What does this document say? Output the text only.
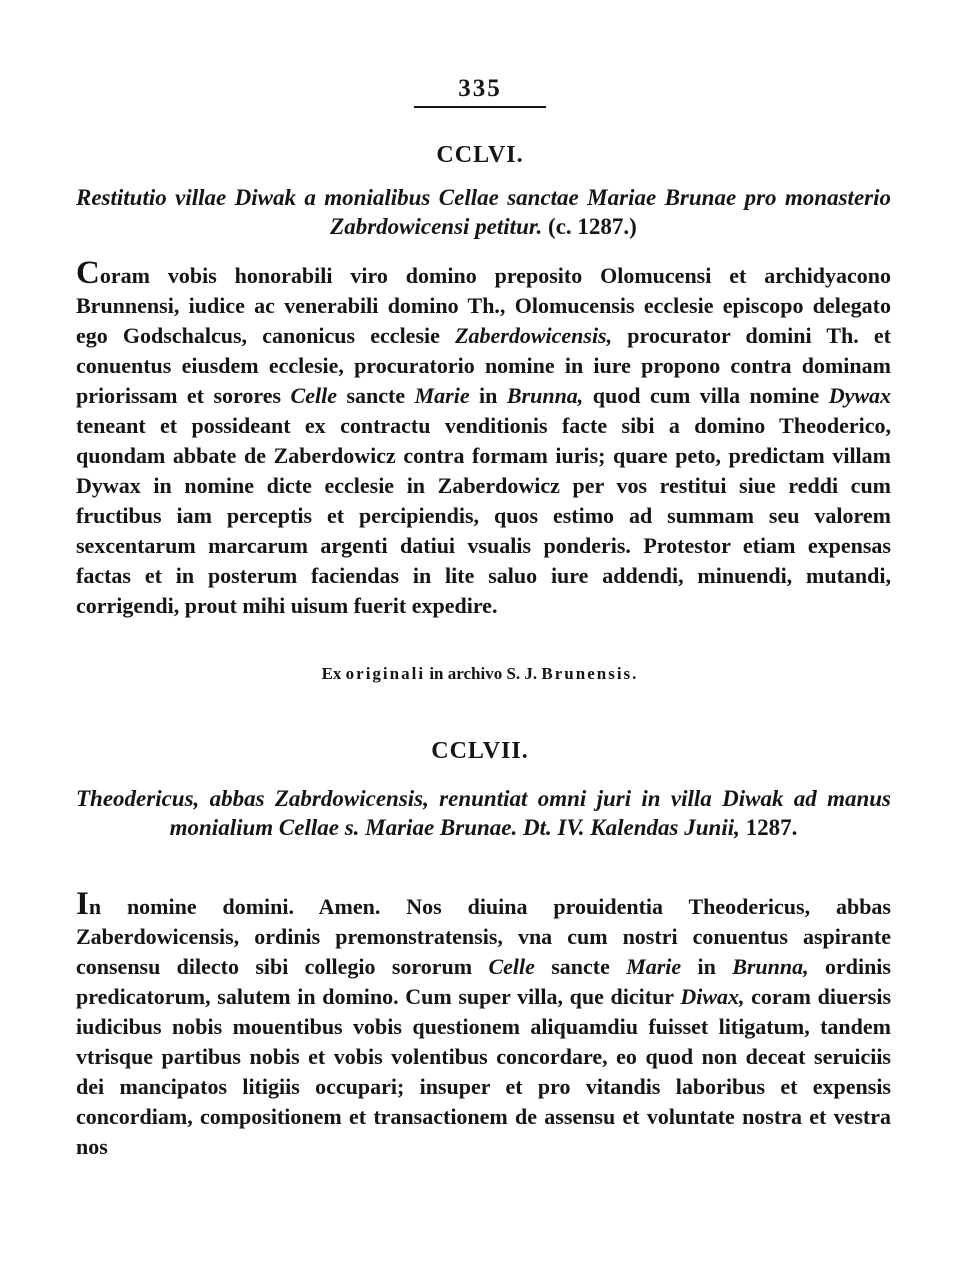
335
CCLVI.
Restitutio villae Diwak a monialibus Cellae sanctae Mariae Brunae pro monasterio Zabrdowicensi petitur. (c. 1287.)
Coram vobis honorabili viro domino preposito Olomucensi et archidyacono Brunnensi, iudice ac venerabili domino Th., Olomucensis ecclesie episcopo delegato ego Godschalcus, canonicus ecclesie Zaberdowicensis, procurator domini Th. et conuentus eiusdem ecclesie, procuratorio nomine in iure propono contra dominam priorissam et sorores Celle sancte Marie in Brunna, quod cum villa nomine Dywax teneant et possideant ex contractu venditionis facte sibi a domino Theoderico, quondam abbate de Zaberdowicz contra formam iuris; quare peto, predictam villam Dywax in nomine dicte ecclesie in Zaberdowicz per vos restitui siue reddi cum fructibus iam perceptis et percipiendis, quos estimo ad summam seu valorem sexcentarum marcarum argenti datiui vsualis ponderis. Protestor etiam expensas factas et in posterum faciendas in lite saluo iure addendi, minuendi, mutandi, corrigendi, prout mihi uisum fuerit expedire.
Ex originali in archivo S. J. Brunensis.
CCLVII.
Theodericus, abbas Zabrdowicensis, renuntiat omni juri in villa Diwak ad manus monialium Cellae s. Mariae Brunae. Dt. IV. Kalendas Junii, 1287.
In nomine domini. Amen. Nos diuina prouidentia Theodericus, abbas Zaberdowicensis, ordinis premonstratensis, vna cum nostri conuentus aspirante consensu dilecto sibi collegio sororum Celle sancte Marie in Brunna, ordinis predicatorum, salutem in domino. Cum super villa, que dicitur Diwax, coram diuersis iudicibus nobis mouentibus vobis questionem aliquamdiu fuisset litigatum, tandem vtrisque partibus nobis et vobis volentibus concordare, eo quod non deceat seruiciis dei mancipatos litigiis occupari; insuper et pro vitandis laboribus et expensis concordiam, compositionem et transactionem de assensu et voluntate nostra et vestra nos
